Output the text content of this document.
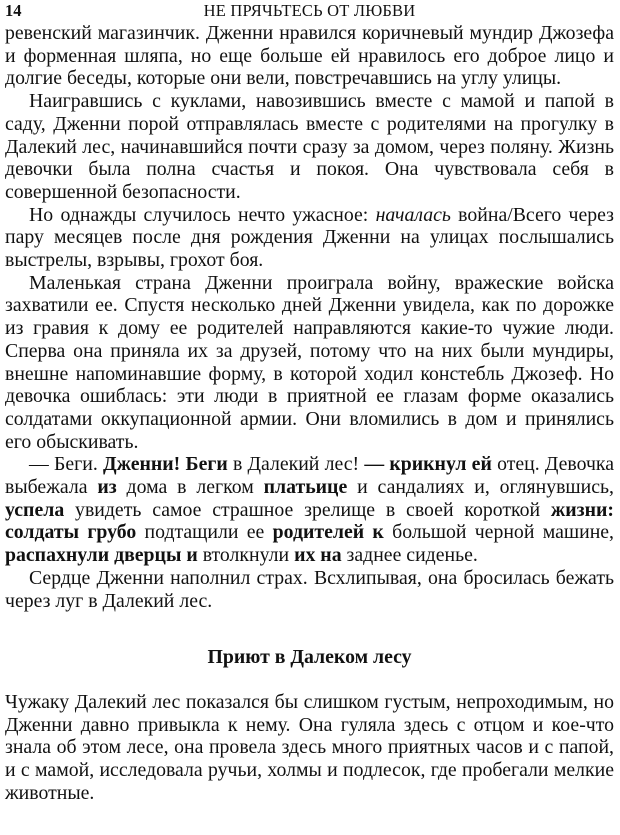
14	НЕ ПРЯЧЬТЕСЬ ОТ ЛЮБВИ

ревенский магазинчик. Дженни нравился коричневый мундир Джозефа и форменная шляпа, но еще больше ей нравилось его доброе лицо и долгие беседы, которые они вели, повстречавшись на углу улицы.

Наигравшись с куклами, навозившись вместе с мамой и папой в саду, Дженни порой отправлялась вместе с родителями на прогулку в Далекий лес, начинавшийся почти сразу за домом, через поляну. Жизнь девочки была полна счастья и покоя. Она чувствовала себя в совершенной безопасности.

Но однажды случилось нечто ужасное: началась война/Всего через пару месяцев после дня рождения Дженни на улицах послышались выстрелы, взрывы, грохот боя.

Маленькая страна Дженни проиграла войну, вражеские войска захватили ее. Спустя несколько дней Дженни увидела, как по дорожке из гравия к дому ее родителей направляются какие-то чужие люди. Сперва она приняла их за друзей, потому что на них были мундиры, внешне напоминавшие форму, в которой ходил констебль Джозеф. Но девочка ошиблась: эти люди в приятной ее глазам форме оказались солдатами оккупационной армии. Они вломились в дом и принялись его обыскивать.

— Беги. Дженни! Беги в Далекий лес! — крикнул ей отец. Девочка выбежала из дома в легком платьице и сандалиях и, оглянувшись, успела увидеть самое страшное зрелище в своей короткой жизни: солдаты грубо подтащили ее родителей к большой черной машине, распахнули дверцы и втолкнули их на заднее сиденье.

Сердце Дженни наполнил страх. Всхлипывая, она бросилась бежать через луг в Далекий лес.

Приют в Далеком лесу

Чужаку Далекий лес показался бы слишком густым, непроходимым, но Дженни давно привыкла к нему. Она гуляла здесь с отцом и кое-что знала об этом лесе, она провела здесь много приятных часов и с папой, и с мамой, исследовала ручьи, холмы и подлесок, где пробегали мелкие животные.
